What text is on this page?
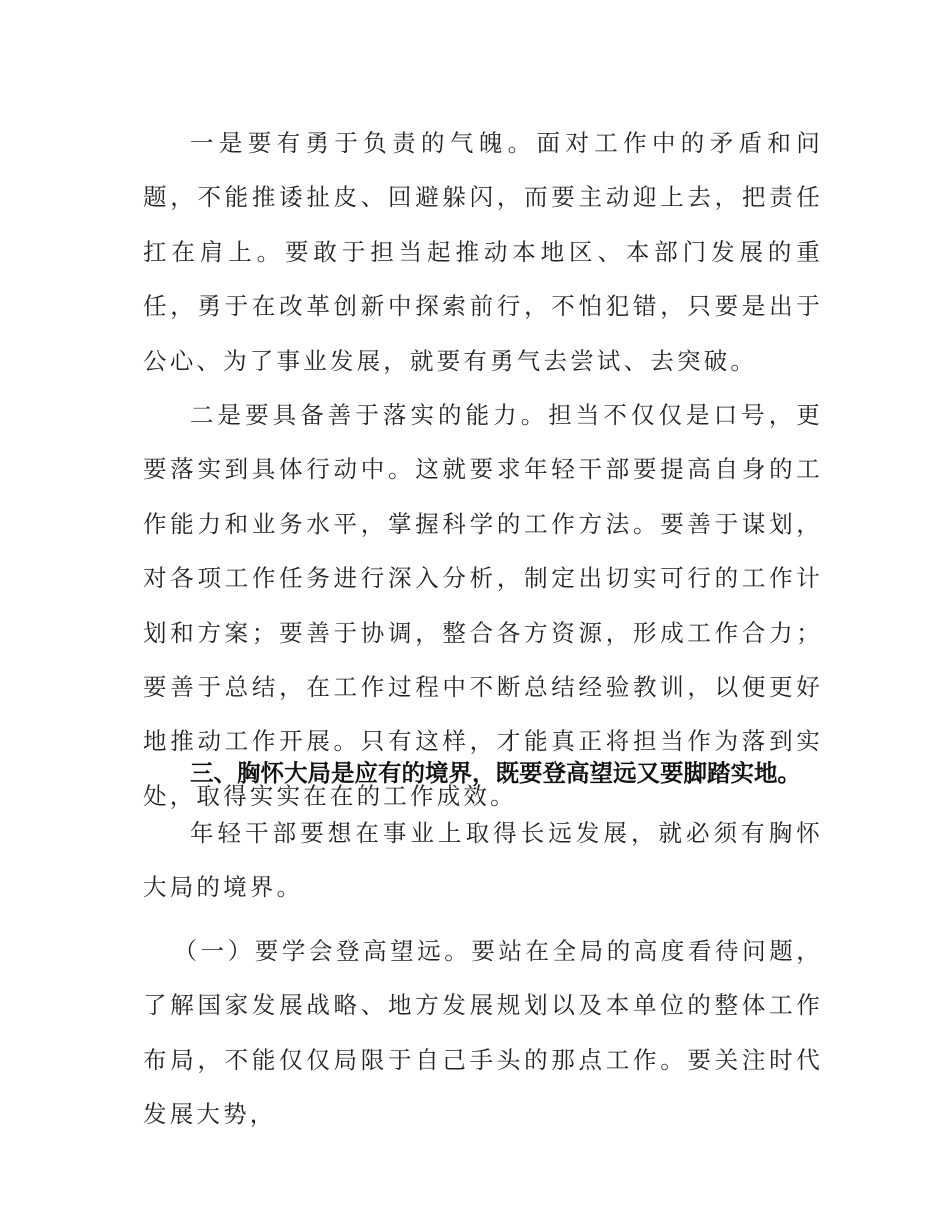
一是要有勇于负责的气魄。面对工作中的矛盾和问题，不能推诿扯皮、回避躲闪，而要主动迎上去，把责任扛在肩上。要敢于担当起推动本地区、本部门发展的重任，勇于在改革创新中探索前行，不怕犯错，只要是出于公心、为了事业发展，就要有勇气去尝试、去突破。

二是要具备善于落实的能力。担当不仅仅是口号，更要落实到具体行动中。这就要求年轻干部要提高自身的工作能力和业务水平，掌握科学的工作方法。要善于谋划，对各项工作任务进行深入分析，制定出切实可行的工作计划和方案；要善于协调，整合各方资源，形成工作合力；要善于总结，在工作过程中不断总结经验教训，以便更好地推动工作开展。只有这样，才能真正将担当作为落到实处，取得实实在在的工作成效。

三、胸怀大局是应有的境界，既要登高望远又要脚踏实地。

年轻干部要想在事业上取得长远发展，就必须有胸怀大局的境界。

（一）要学会登高望远。要站在全局的高度看待问题，了解国家发展战略、地方发展规划以及本单位的整体工作布局，不能仅仅局限于自己手头的那点工作。要关注时代发展大势，
